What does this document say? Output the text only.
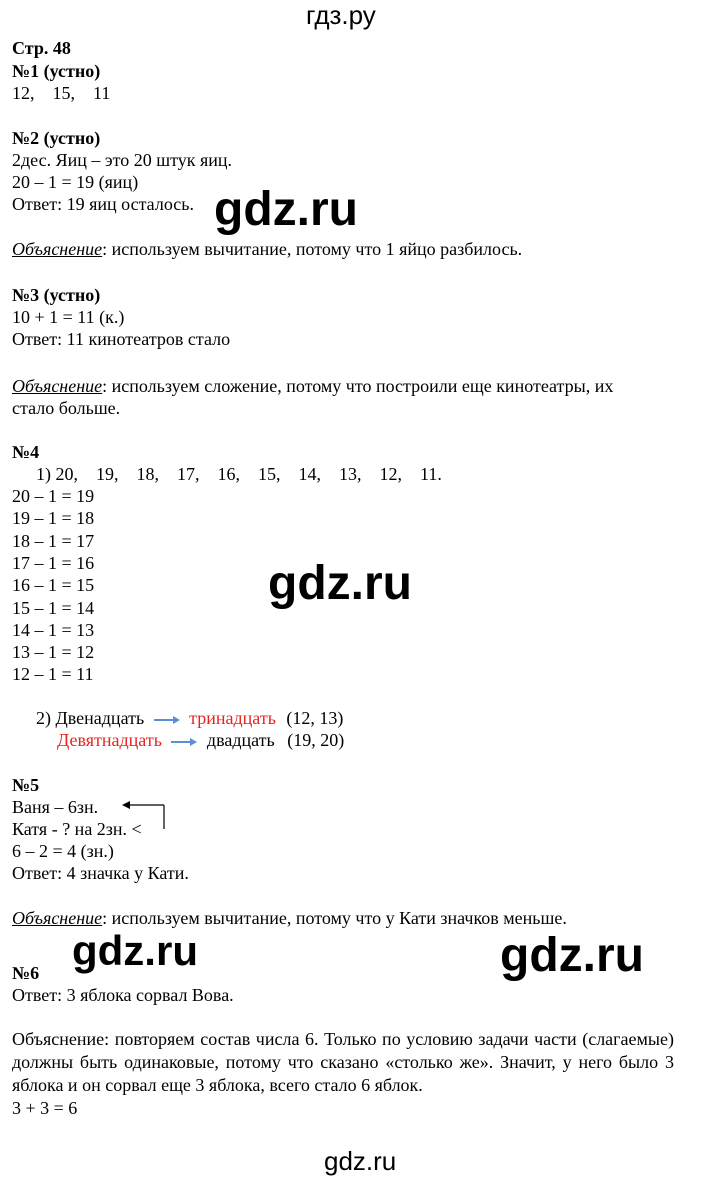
гдз.ру
Стр. 48
№1 (устно)
12,    15,    11
№2 (устно)
2дес. Яиц – это 20 штук яиц.
20 – 1 = 19 (яиц)
Ответ: 19 яиц осталось.
Объяснение: используем вычитание, потому что 1 яйцо разбилось.
gdz.ru
№3 (устно)
10 + 1 = 11 (к.)
Ответ: 11 кинотеатров стало
Объяснение: используем сложение, потому что построили еще кинотеатры, их
стало больше.
№4
1) 20,    19,    18,    17,    16,    15,    14,    13,    12,    11.
20 – 1 = 19
19 – 1 = 18
18 – 1 = 17
17 – 1 = 16
16 – 1 = 15
15 – 1 = 14
14 – 1 = 13
13 – 1 = 12
12 – 1 = 11
gdz.ru
2) Двенадцать	тринадцать (12, 13)
Девятнадцать	двадцать (19, 20)
№5
Ваня – 6зн.
Катя - ? на 2зн. <
6 – 2 = 4 (зн.)
Ответ: 4 значка у Кати.
Объяснение: используем вычитание, потому что у Кати значков меньше.
gdz.ru	gdz.ru
№6
Ответ: 3 яблока сорвал Вова.
Объяснение: повторяем состав числа 6. Только по условию задачи части (слагаемые) должны быть одинаковые, потому что сказано «столько же». Значит, у него было 3 яблока и он сорвал еще 3 яблока, всего стало 6 яблок.
3 + 3 = 6
gdz.ru
